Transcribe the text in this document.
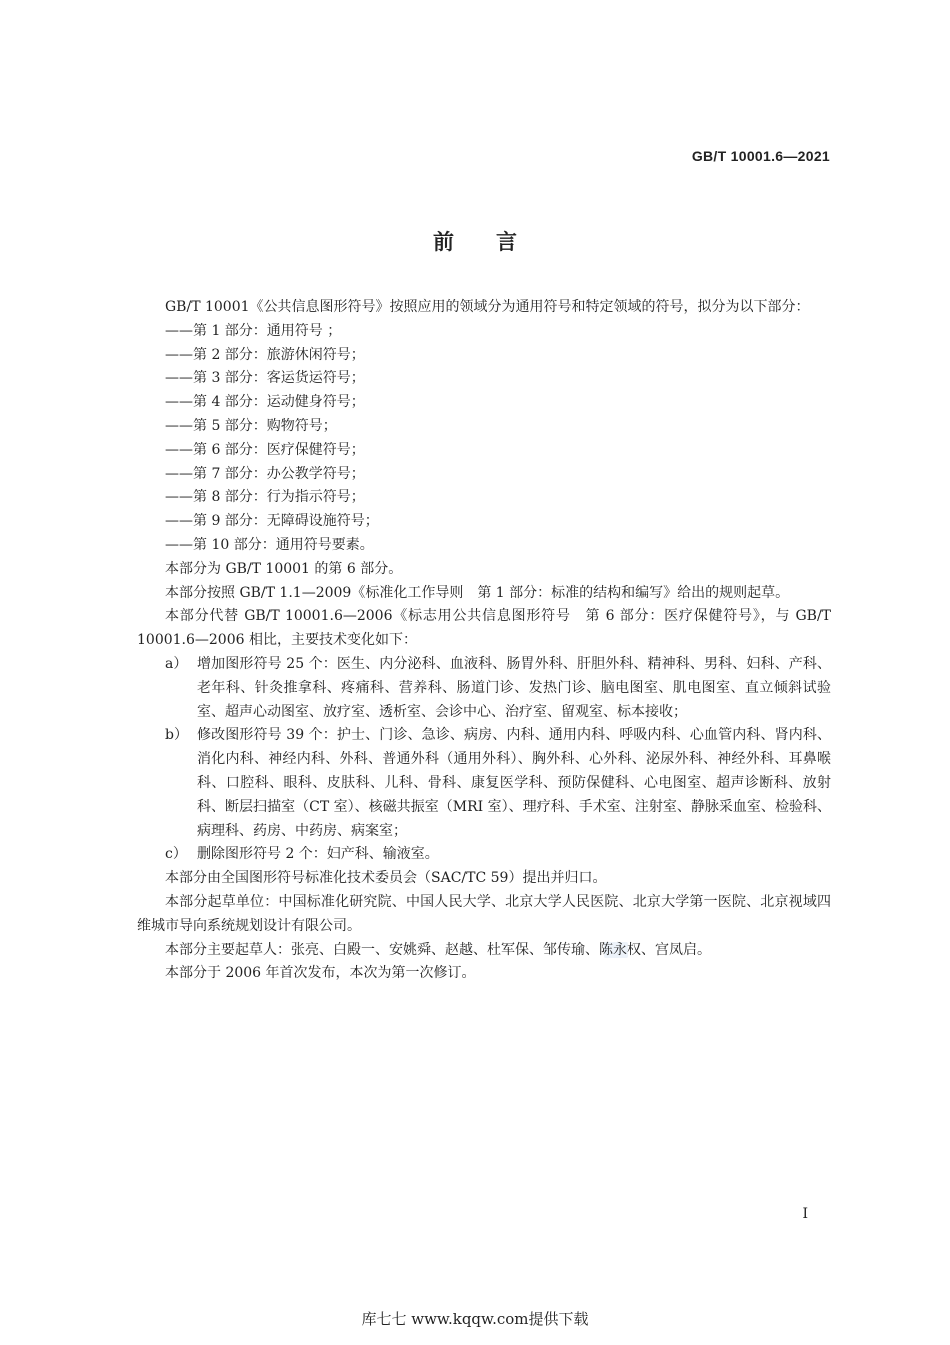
GB/T 10001.6—2021
前言

GB/T 10001《公共信息图形符号》按照应用的领域分为通用符号和特定领域的符号，拟分为以下部分：

——第 1 部分：通用符号 ；

——第 2 部分：旅游休闲符号；

——第 3 部分：客运货运符号；

——第 4 部分：运动健身符号；

——第 5 部分：购物符号；

——第 6 部分：医疗保健符号；

——第 7 部分：办公教学符号；

——第 8 部分：行为指示符号；

——第 9 部分：无障碍设施符号；

——第 10 部分：通用符号要素。

本部分为 GB/T 10001 的第 6 部分。

本部分按照 GB/T 1.1—2009《标准化工作导则　第 1 部分：标准的结构和编写》给出的规则起草。

本部分代替 GB/T 10001.6—2006《标志用公共信息图形符号　第 6 部分：医疗保健符号》，与 GB/T 10001.6—2006 相比，主要技术变化如下：

a） 增加图形符号 25 个：医生、内分泌科、血液科、肠胃外科、肝胆外科、精神科、男科、妇科、产科、老年科、针灸推拿科、疼痛科、营养科、肠道门诊、发热门诊、脑电图室、肌电图室、直立倾斜试验室、超声心动图室、放疗室、透析室、会诊中心、治疗室、留观室、标本接收；
b） 修改图形符号 39 个：护士、门诊、急诊、病房、内科、通用内科、呼吸内科、心血管内科、肾内科、消化内科、神经内科、外科、普通外科（通用外科）、胸外科、心外科、泌尿外科、神经外科、耳鼻喉科、口腔科、眼科、皮肤科、儿科、骨科、康复医学科、预防保健科、心电图室、超声诊断科、放射科、断层扫描室（CT 室）、核磁共振室（MRI 室）、理疗科、手术室、注射室、静脉采血室、检验科、病理科、药房、中药房、病案室；
c） 删除图形符号 2 个：妇产科、输液室。

本部分由全国图形符号标准化技术委员会（SAC/TC 59）提出并归口。

本部分起草单位：中国标准化研究院、中国人民大学、北京大学人民医院、北京大学第一医院、北京视域四维城市导向系统规划设计有限公司。

本部分主要起草人：张亮、白殿一、安姚舜、赵越、杜军保、邹传瑜、陈永权、宫凤启。

本部分于 2006 年首次发布，本次为第一次修订。

I
库七七 www.kqqw.com提供下载
